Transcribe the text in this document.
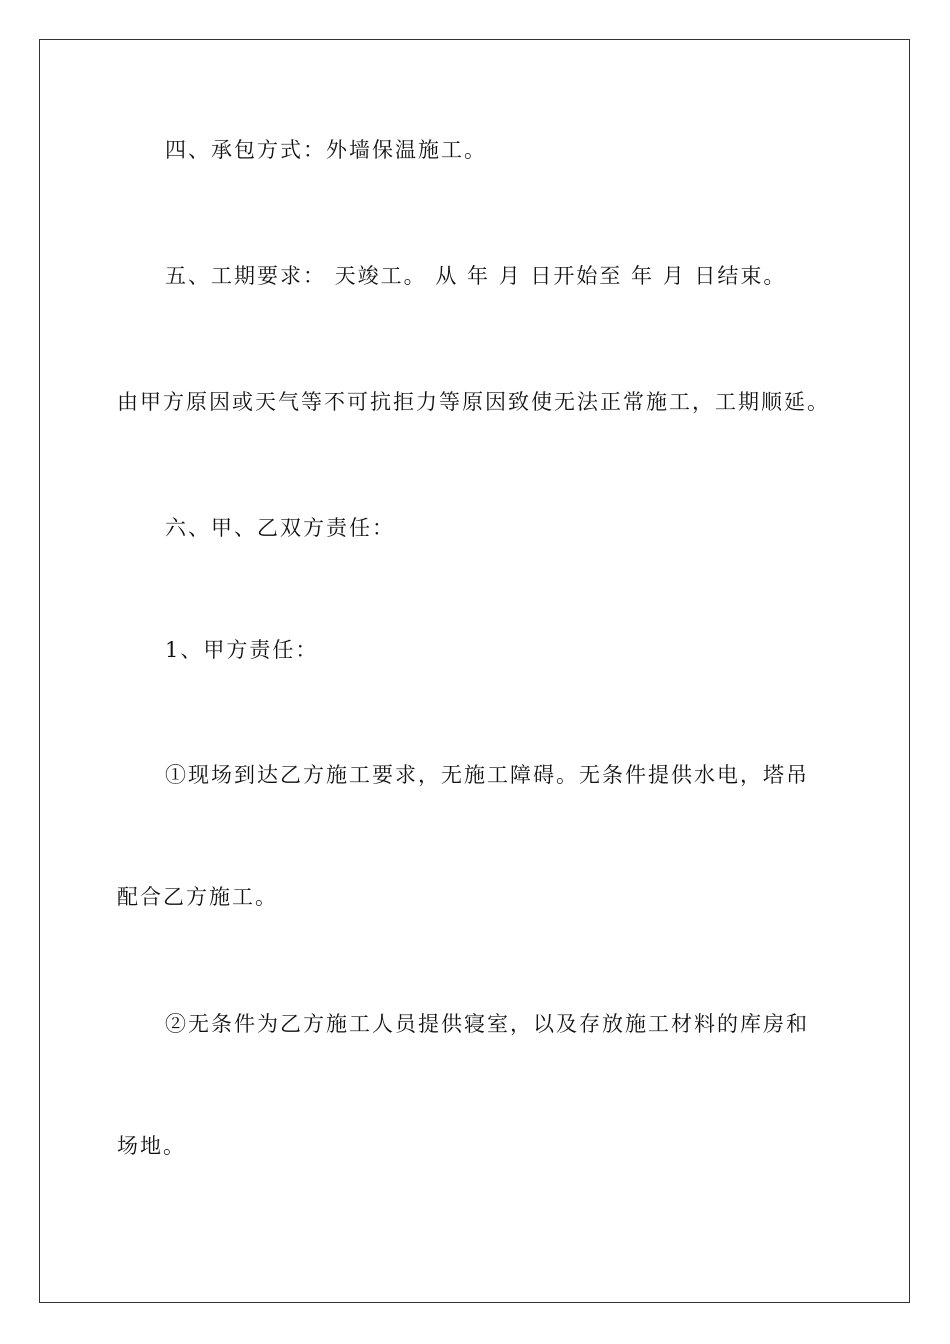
四、承包方式：外墙保温施工。

五、工期要求： 天竣工。 从 年 月 日开始至 年 月 日结束。

由甲方原因或天气等不可抗拒力等原因致使无法正常施工，工期顺延。

六、甲、乙双方责任：

1、甲方责任：

①现场到达乙方施工要求，无施工障碍。无条件提供水电，塔吊

配合乙方施工。

②无条件为乙方施工人员提供寝室，以及存放施工材料的库房和

场地。
